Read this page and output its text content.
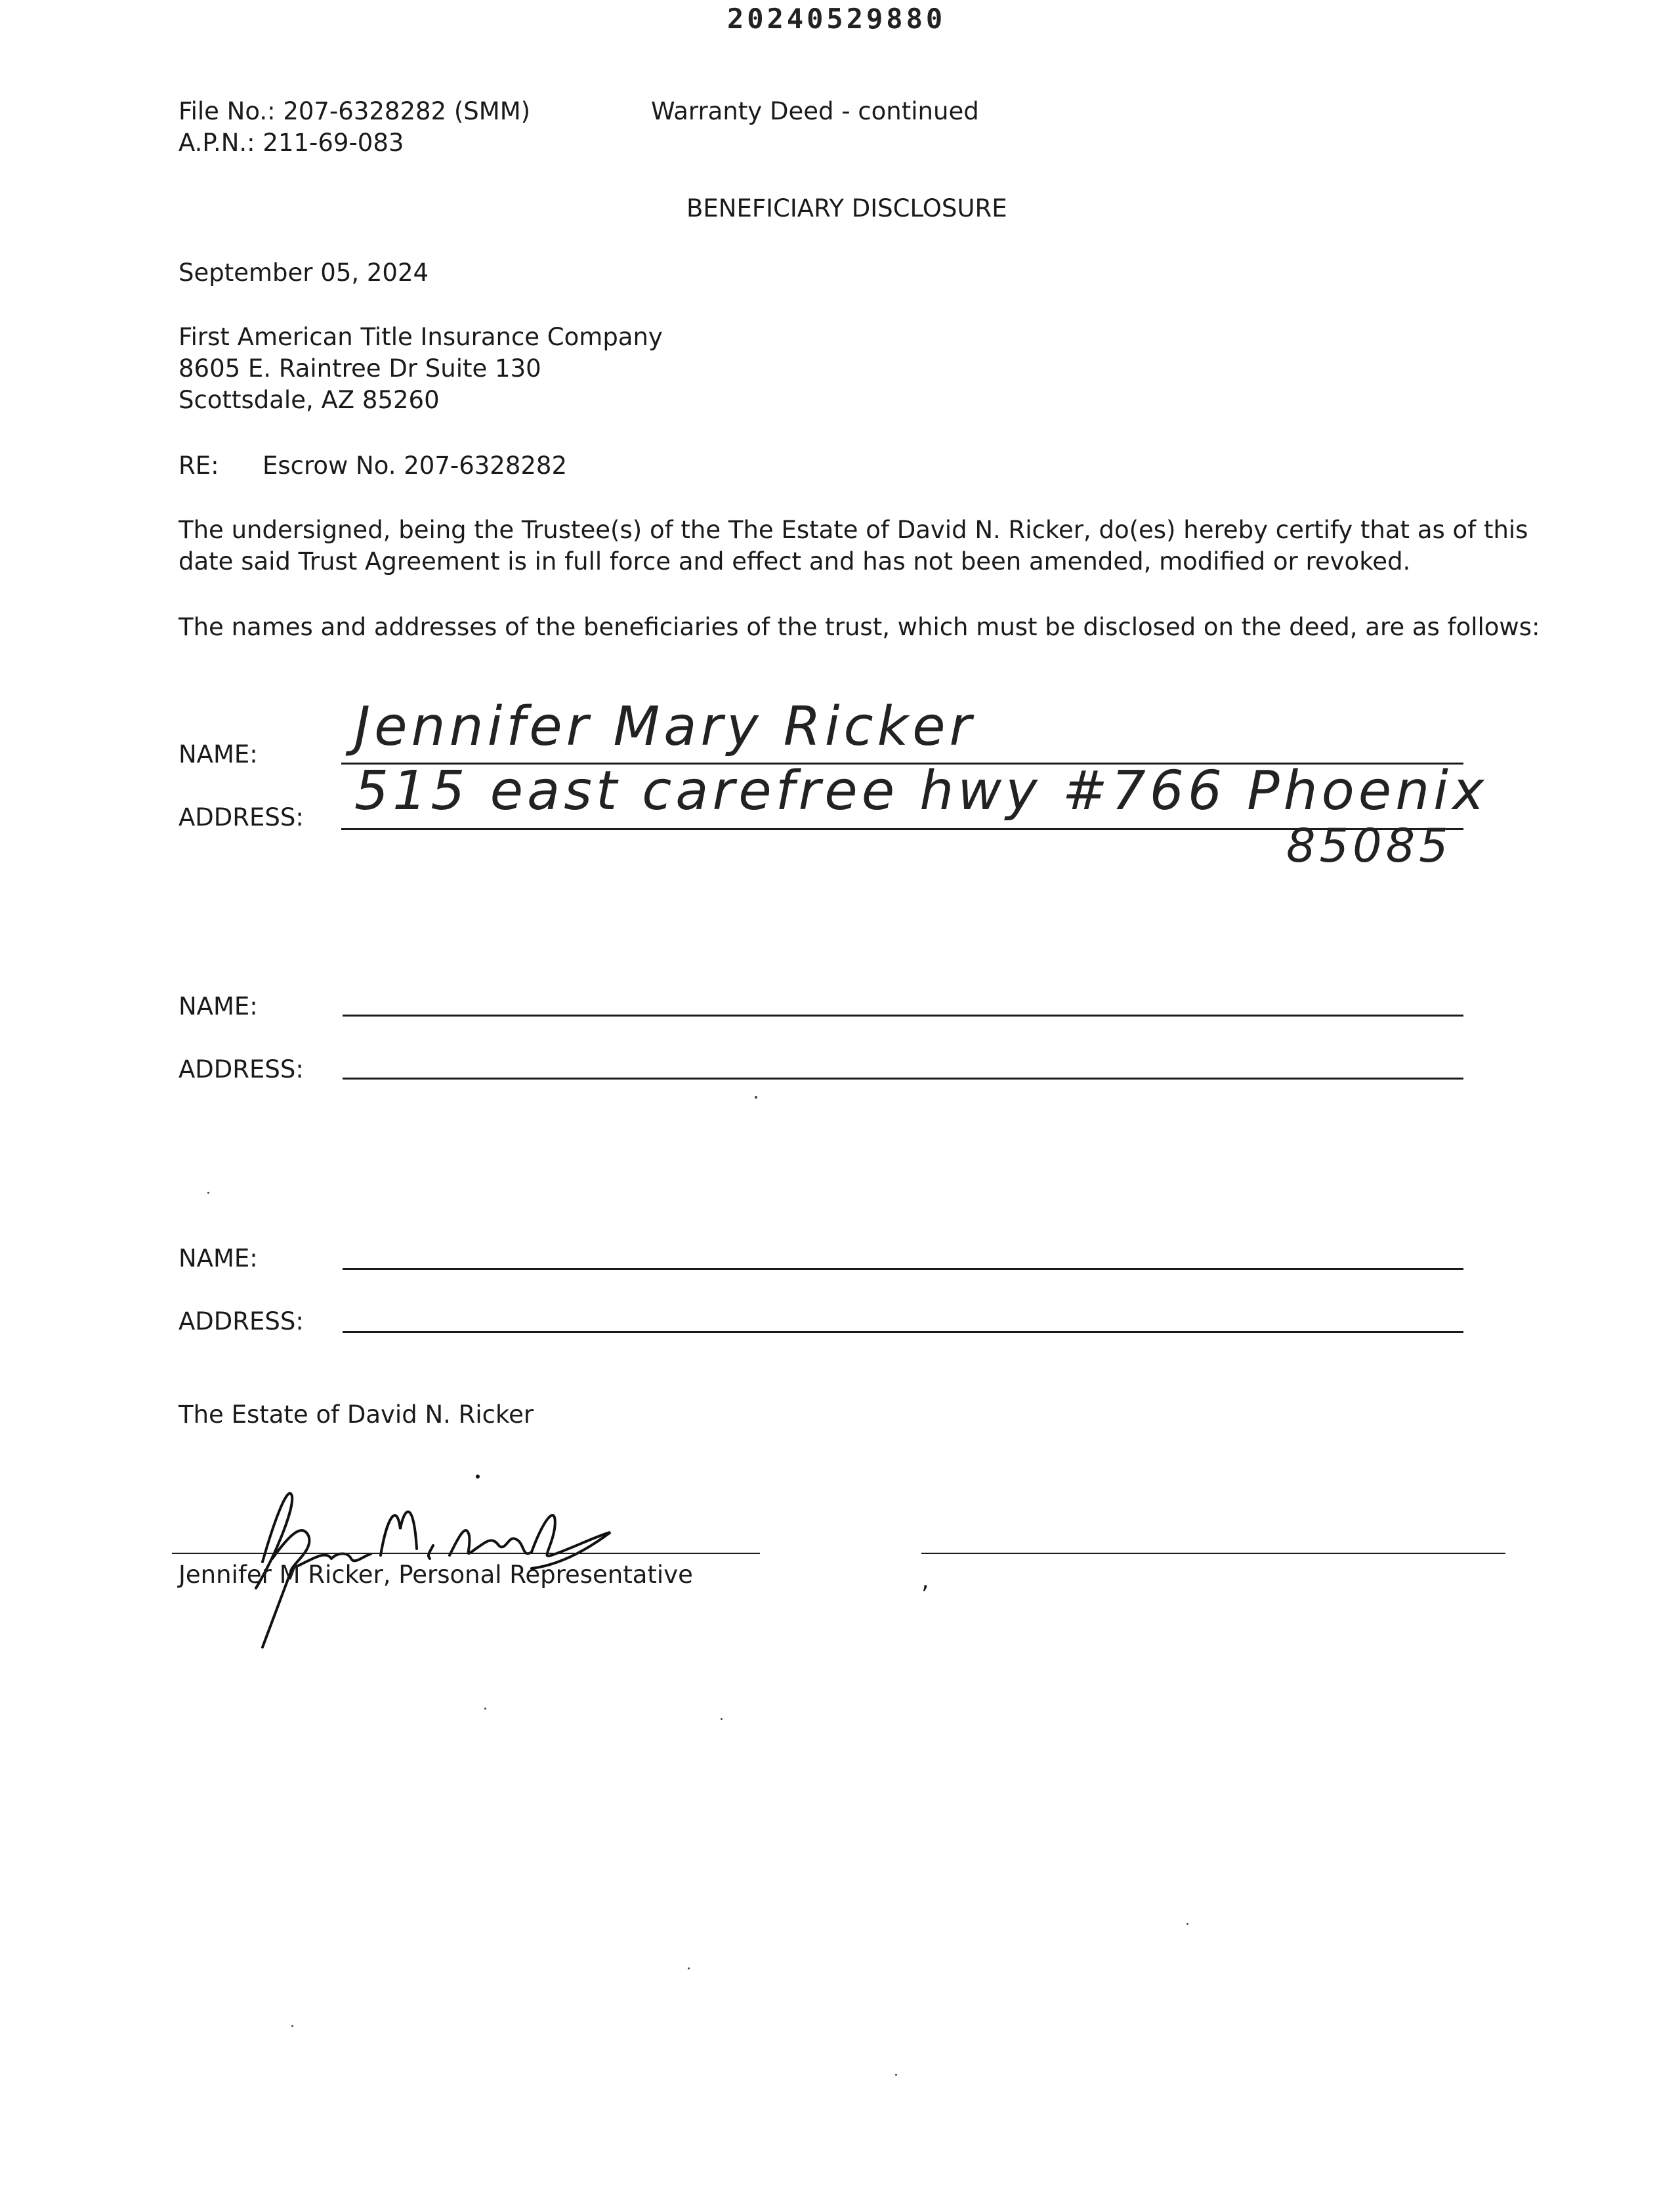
20240529880
File No.: 207-6328282 (SMM)
A.P.N.: 211-69-083
Warranty Deed - continued
BENEFICIARY DISCLOSURE
September 05, 2024
First American Title Insurance Company
8605 E. Raintree Dr Suite 130
Scottsdale, AZ 85260
RE: Escrow No. 207-6328282
The undersigned, being the Trustee(s) of the The Estate of David N. Ricker, do(es) hereby certify that as of this
date said Trust Agreement is in full force and effect and has not been amended, modified or revoked.
The names and addresses of the beneficiaries of the trust, which must be disclosed on the deed, are as follows:
NAME: Jennifer Mary Ricker
ADDRESS: 515 east carefree hwy #766 Phoenix
85085
NAME:
ADDRESS:
NAME:
ADDRESS:
The Estate of David N. Ricker
Jennifer M Ricker, Personal Representative	,
